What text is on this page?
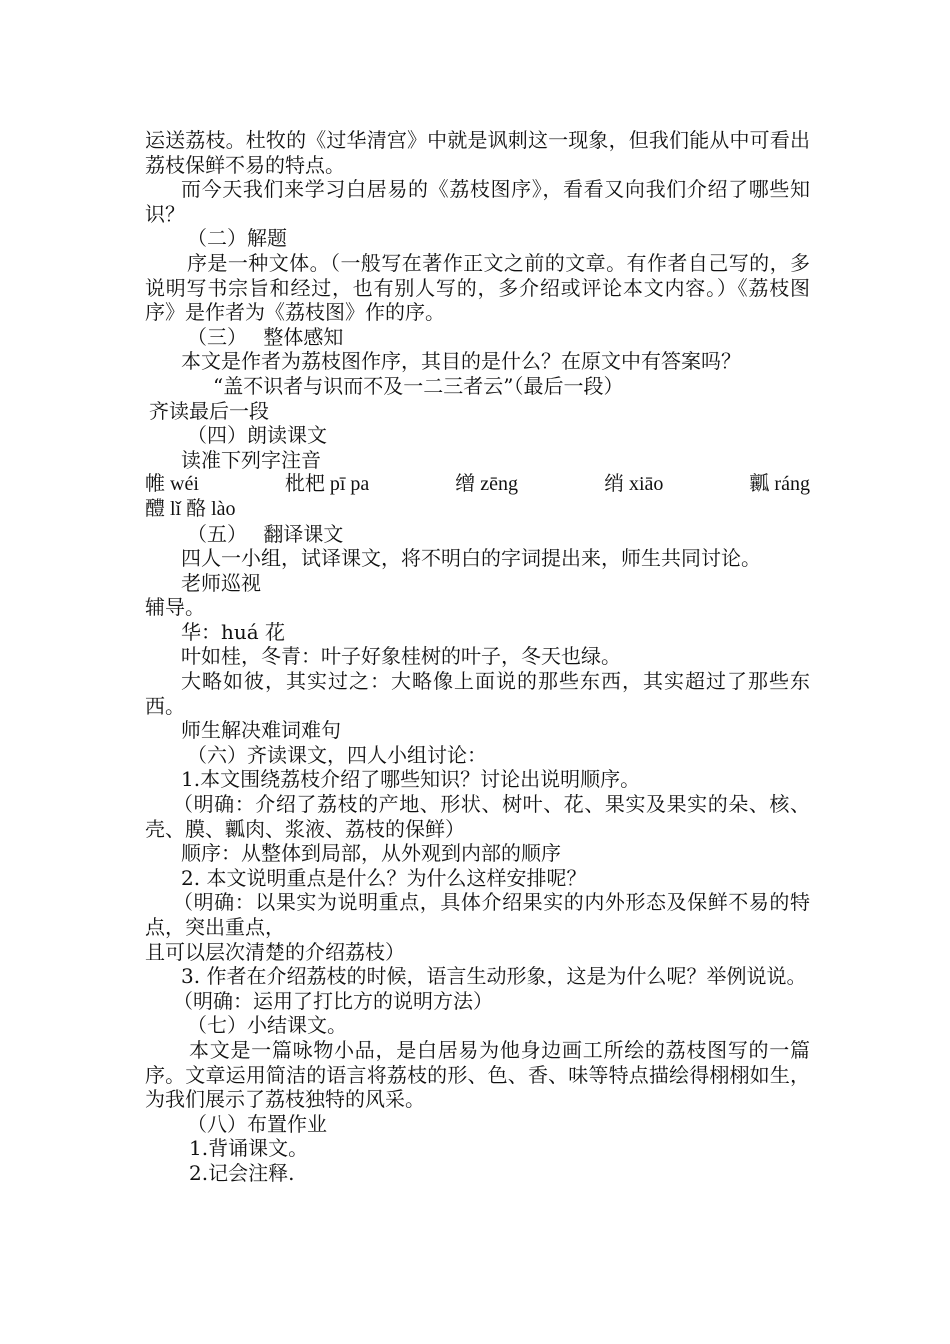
运送荔枝。杜牧的《过华清宫》中就是讽刺这一现象，但我们能从中可看出荔枝保鲜不易的特点。

而今天我们来学习白居易的《荔枝图序》，看看又向我们介绍了哪些知识？

（二）解题

序是一种文体。（一般写在著作正文之前的文章。有作者自己写的，多说明写书宗旨和经过，也有别人写的，多介绍或评论本文内容。）《荔枝图序》是作者为《荔枝图》作的序。

（三）　 整体感知

本文是作者为荔枝图作序，其目的是什么？在原文中有答案吗？

“盖不识者与识而不及一二三者云”（最后一段）

齐读最后一段

（四）朗读课文

读准下列字注音

帷 wéi	枇杷 pī pa	缯 zēng	绡 xiāo	瓤 ráng

醴 lǐ 酪 lào

（五）　 翻译课文

四人一小组，试译课文，将不明白的字词提出来，师生共同讨论。

老师巡视

辅导。

华：huá 花

叶如桂，冬青：叶子好象桂树的叶子，冬天也绿。

大略如彼，其实过之：大略像上面说的那些东西，其实超过了那些东西。

师生解决难词难句

（六）齐读课文，四人小组讨论：

1.本文围绕荔枝介绍了哪些知识？讨论出说明顺序。

（明确：介绍了荔枝的产地、形状、树叶、花、果实及果实的朵、核、壳、膜、瓤肉、浆液、荔枝的保鲜）

顺序：从整体到局部，从外观到内部的顺序

2. 本文说明重点是什么？为什么这样安排呢？

（明确：以果实为说明重点，具体介绍果实的内外形态及保鲜不易的特点，突出重点，

且可以层次清楚的介绍荔枝）

3. 作者在介绍荔枝的时候，语言生动形象，这是为什么呢？举例说说。

（明确：运用了打比方的说明方法）

（七）小结课文。

本文是一篇咏物小品，是白居易为他身边画工所绘的荔枝图写的一篇序。文章运用简洁的语言将荔枝的形、色、香、味等特点描绘得栩栩如生，为我们展示了荔枝独特的风采。

（八）布置作业

1.背诵课文。

2.记会注释.
